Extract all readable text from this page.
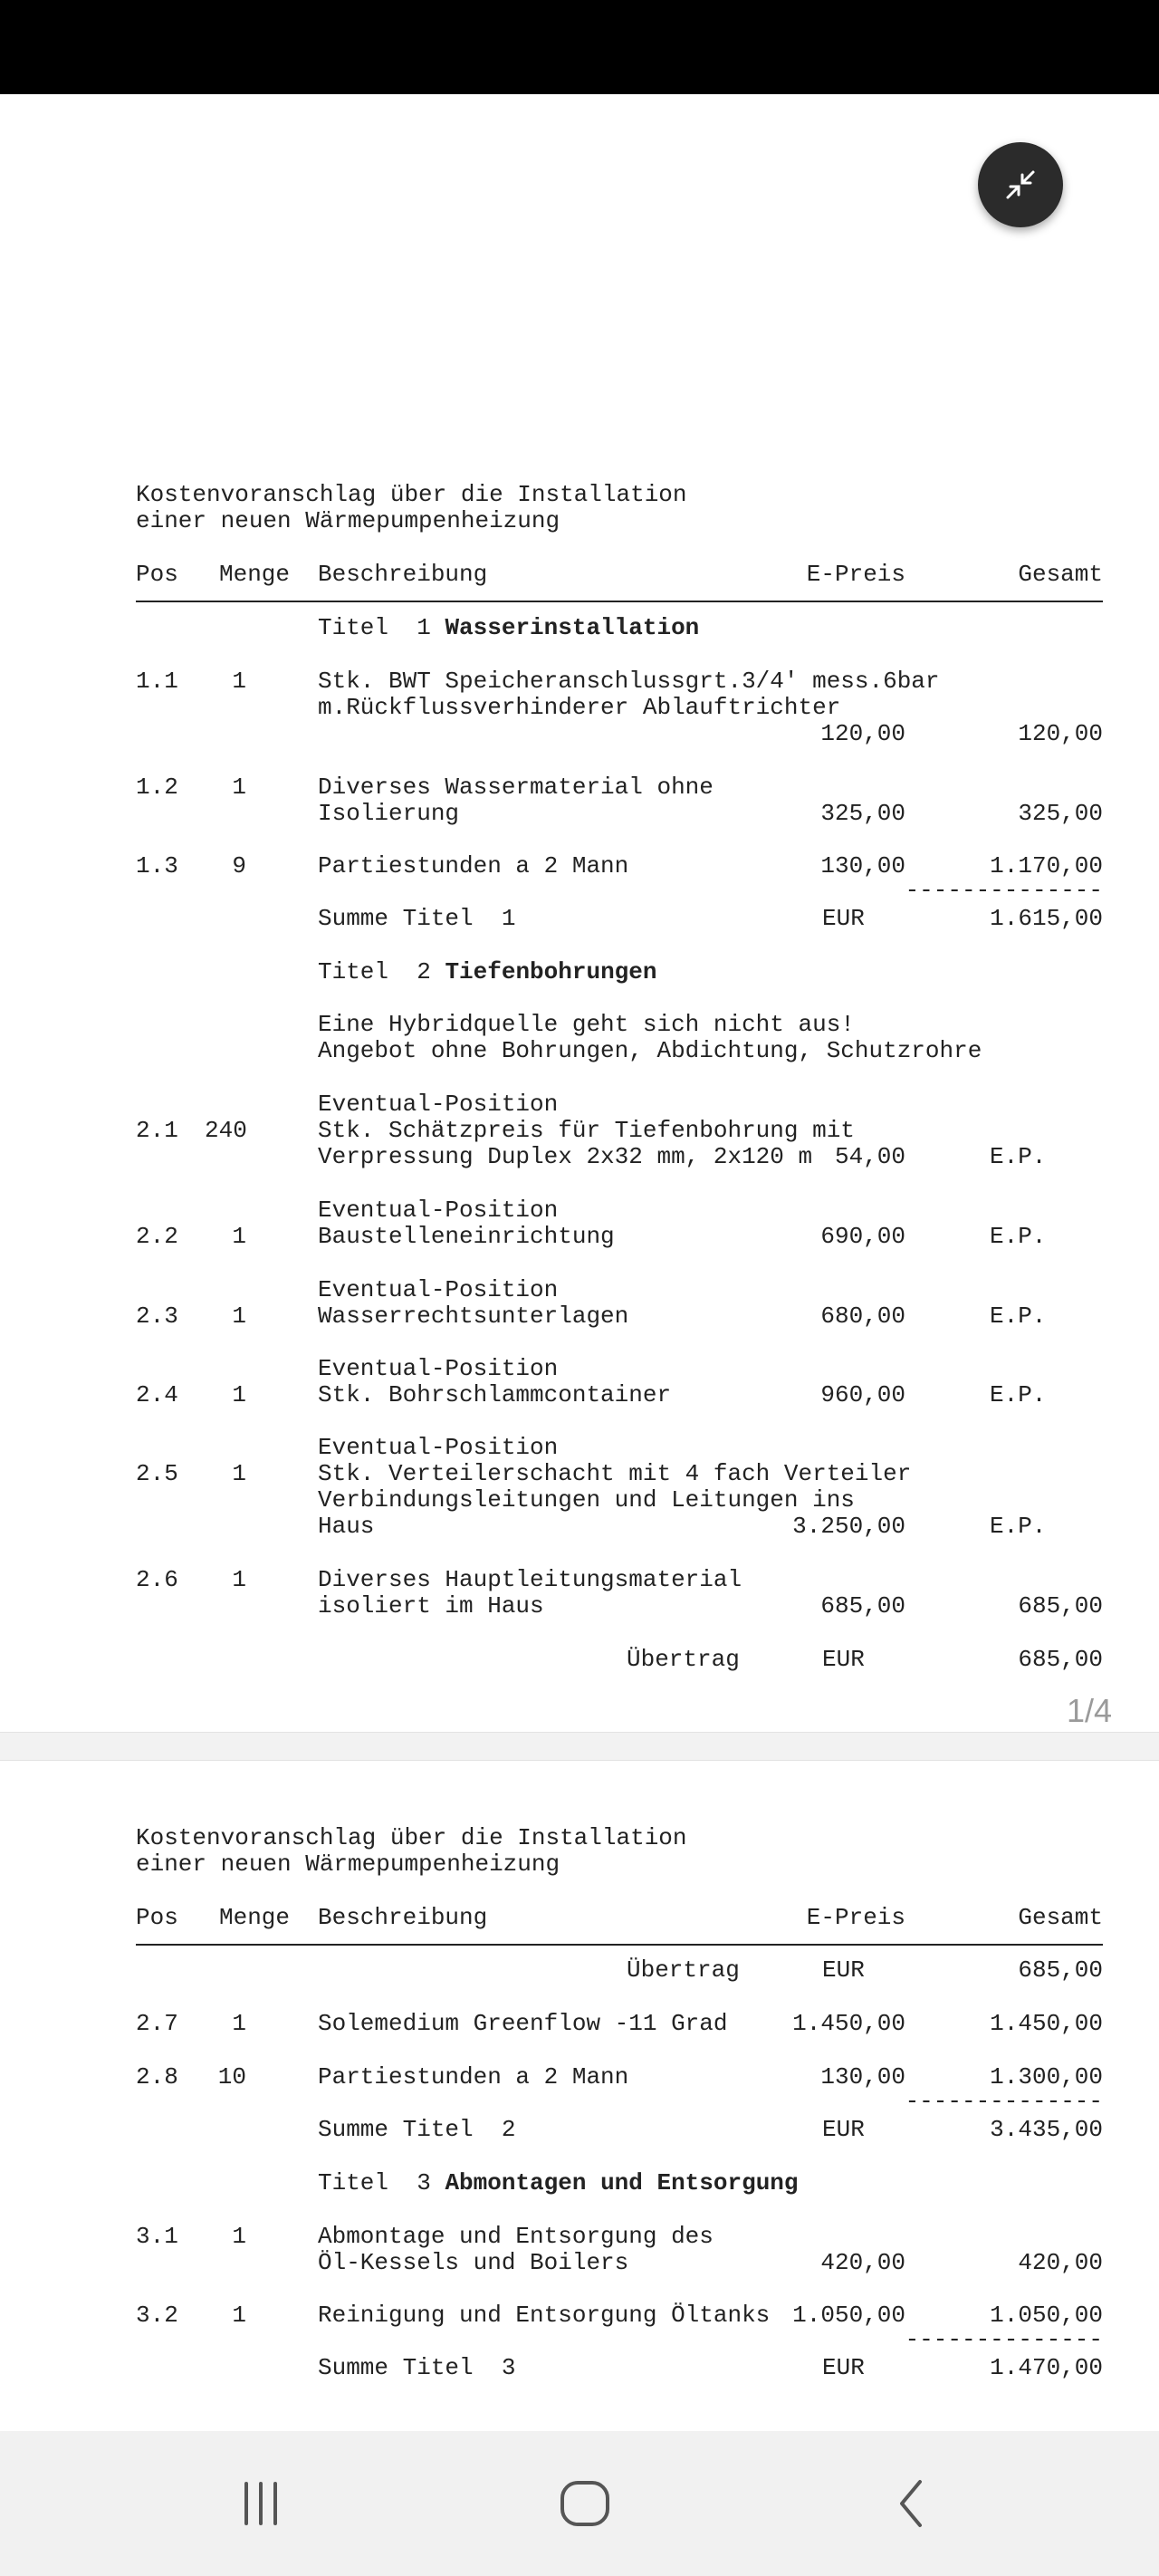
Kostenvoranschlag über die Installation
einer neuen Wärmepumpenheizung
Pos Menge Beschreibung	E-Preis	Gesamt
Titel  1 Wasserinstallation
1.1	1	Stk. BWT Speicheranschlussgrt.3/4' mess.6bar
m.Rückflussverhinderer Ablauftrichter
120,00	120,00
1.2	1	Diverses Wassermaterial ohne
Isolierung	325,00	325,00
1.3	9	Partiestunden a 2 Mann	130,00	1.170,00
--------------
Summe Titel  1	EUR	1.615,00
Titel  2 Tiefenbohrungen
Eine Hybridquelle geht sich nicht aus!
Angebot ohne Bohrungen, Abdichtung, Schutzrohre
Eventual-Position
2.1 240	Stk. Schätzpreis für Tiefenbohrung mit
Verpressung Duplex 2x32 mm, 2x120 m 54,00	E.P.
Eventual-Position
2.2	1	Baustelleneinrichtung	690,00	E.P.
Eventual-Position
2.3	1	Wasserrechtsunterlagen	680,00	E.P.
Eventual-Position
2.4	1	Stk. Bohrschlammcontainer	960,00	E.P.
Eventual-Position
2.5	1	Stk. Verteilerschacht mit 4 fach Verteiler
Verbindungsleitungen und Leitungen ins
Haus	3.250,00	E.P.
2.6	1	Diverses Hauptleitungsmaterial
isoliert im Haus	685,00	685,00
Übertrag	EUR	685,00
1/4
Kostenvoranschlag über die Installation
einer neuen Wärmepumpenheizung
Pos Menge Beschreibung	E-Preis	Gesamt
Übertrag	EUR	685,00
2.7	1	Solemedium Greenflow -11 Grad	1.450,00	1.450,00
2.8	10	Partiestunden a 2 Mann	130,00	1.300,00
--------------
Summe Titel  2	EUR	3.435,00
Titel  3 Abmontagen und Entsorgung
3.1	1	Abmontage und Entsorgung des
Öl-Kessels und Boilers	420,00	420,00
3.2	1	Reinigung und Entsorgung Öltanks 1.050,00	1.050,00
--------------
Summe Titel  3	EUR	1.470,00
